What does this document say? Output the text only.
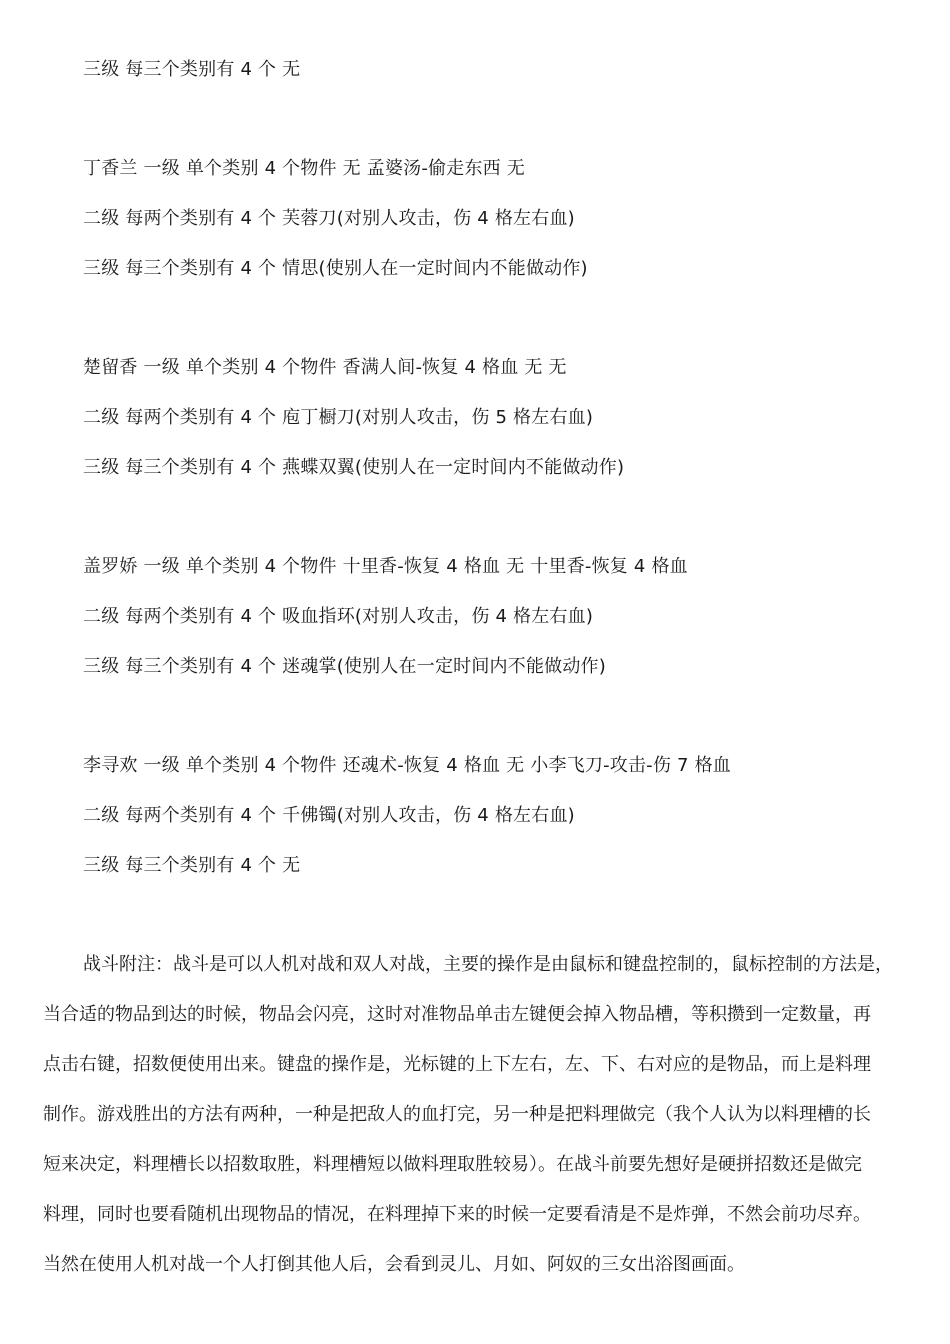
三级 每三个类别有 4 个 无
丁香兰 一级 单个类别 4 个物件 无 孟婆汤-偷走东西 无
二级 每两个类别有 4 个 芙蓉刀(对别人攻击，伤 4 格左右血)
三级 每三个类别有 4 个 情思(使别人在一定时间内不能做动作)
楚留香 一级 单个类别 4 个物件 香满人间-恢复 4 格血 无 无
二级 每两个类别有 4 个 庖丁橱刀(对别人攻击，伤 5 格左右血)
三级 每三个类别有 4 个 燕蝶双翼(使别人在一定时间内不能做动作)
盖罗娇 一级 单个类别 4 个物件 十里香-恢复 4 格血 无 十里香-恢复 4 格血
二级 每两个类别有 4 个 吸血指环(对别人攻击，伤 4 格左右血)
三级 每三个类别有 4 个 迷魂掌(使别人在一定时间内不能做动作)
李寻欢 一级 单个类别 4 个物件 还魂术-恢复 4 格血 无 小李飞刀-攻击-伤 7 格血
二级 每两个类别有 4 个 千佛镯(对别人攻击，伤 4 格左右血)
三级 每三个类别有 4 个 无
战斗附注：战斗是可以人机对战和双人对战，主要的操作是由鼠标和键盘控制的，鼠标控制的方法是，
当合适的物品到达的时候，物品会闪亮，这时对准物品单击左键便会掉入物品槽，等积攒到一定数量，再
点击右键，招数便使用出来。键盘的操作是，光标键的上下左右，左、下、右对应的是物品，而上是料理
制作。游戏胜出的方法有两种，一种是把敌人的血打完，另一种是把料理做完（我个人认为以料理槽的长
短来决定，料理槽长以招数取胜，料理槽短以做料理取胜较易）。在战斗前要先想好是硬拼招数还是做完
料理，同时也要看随机出现物品的情况，在料理掉下来的时候一定要看清是不是炸弹，不然会前功尽弃。
当然在使用人机对战一个人打倒其他人后，会看到灵儿、月如、阿奴的三女出浴图画面。
